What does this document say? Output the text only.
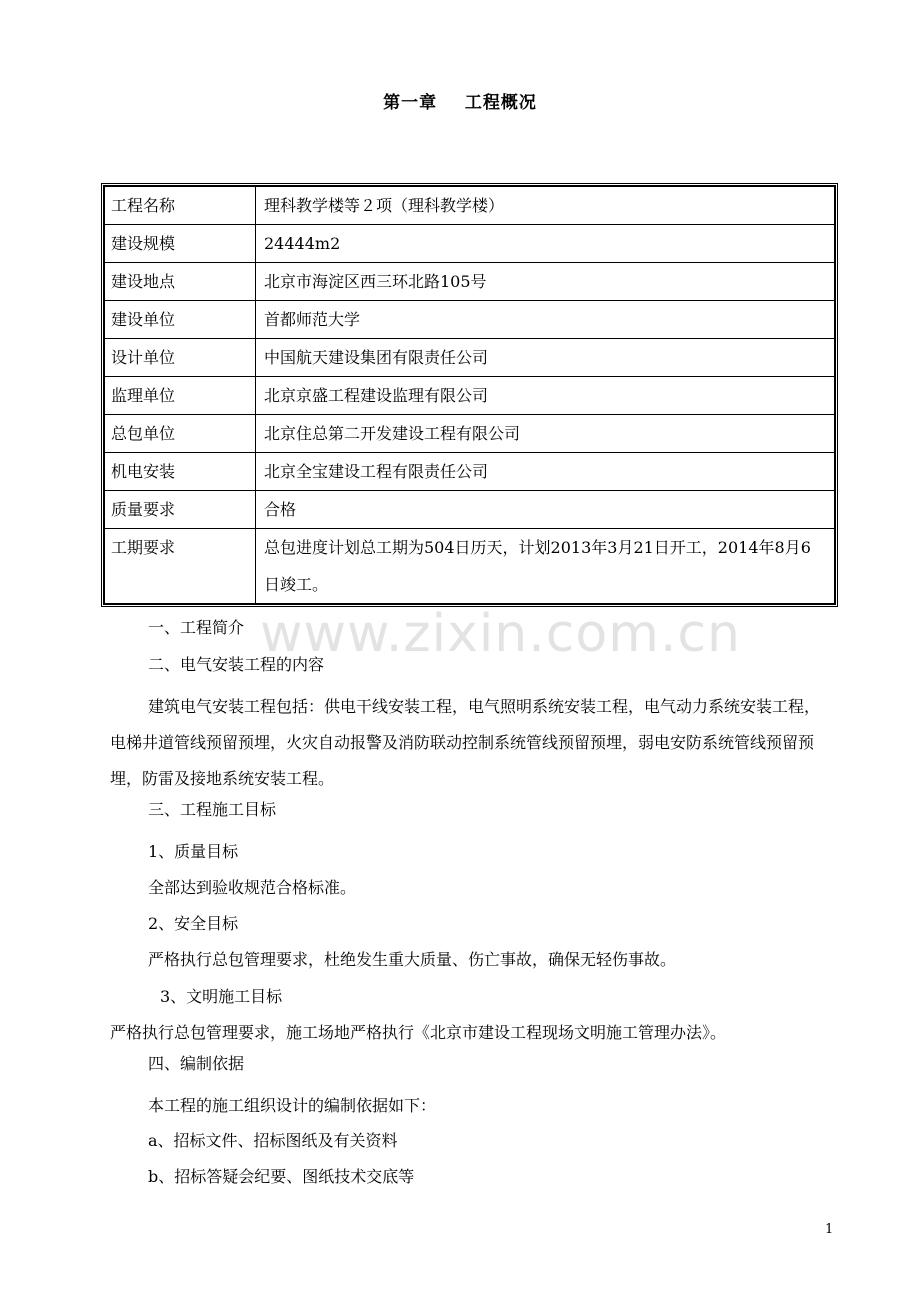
第一章    工程概况
工程名称	理科教学楼等２项（理科教学楼）
建设规模	24444m2
建设地点	北京市海淀区西三环北路105号
建设单位	首都师范大学
设计单位	中国航天建设集团有限责任公司
监理单位	北京京盛工程建设监理有限公司
总包单位	北京住总第二开发建设工程有限公司
机电安装	北京全宝建设工程有限责任公司
质量要求	合格
工期要求	总包进度计划总工期为504日历天，计划2013年3月21日开工，2014年8月6日竣工。
www.zixin.com.cn
一、工程简介
二、电气安装工程的内容
建筑电气安装工程包括：供电干线安装工程，电气照明系统安装工程，电气动力系统安装工程，电梯井道管线预留预埋，火灾自动报警及消防联动控制系统管线预留预埋，弱电安防系统管线预留预埋，防雷及接地系统安装工程。
三、工程施工目标
1、质量目标
全部达到验收规范合格标准。
2、安全目标
严格执行总包管理要求，杜绝发生重大质量、伤亡事故，确保无轻伤事故。
3、文明施工目标
严格执行总包管理要求，施工场地严格执行《北京市建设工程现场文明施工管理办法》。
四、编制依据
本工程的施工组织设计的编制依据如下：
a、招标文件、招标图纸及有关资料
b、招标答疑会纪要、图纸技术交底等
1
